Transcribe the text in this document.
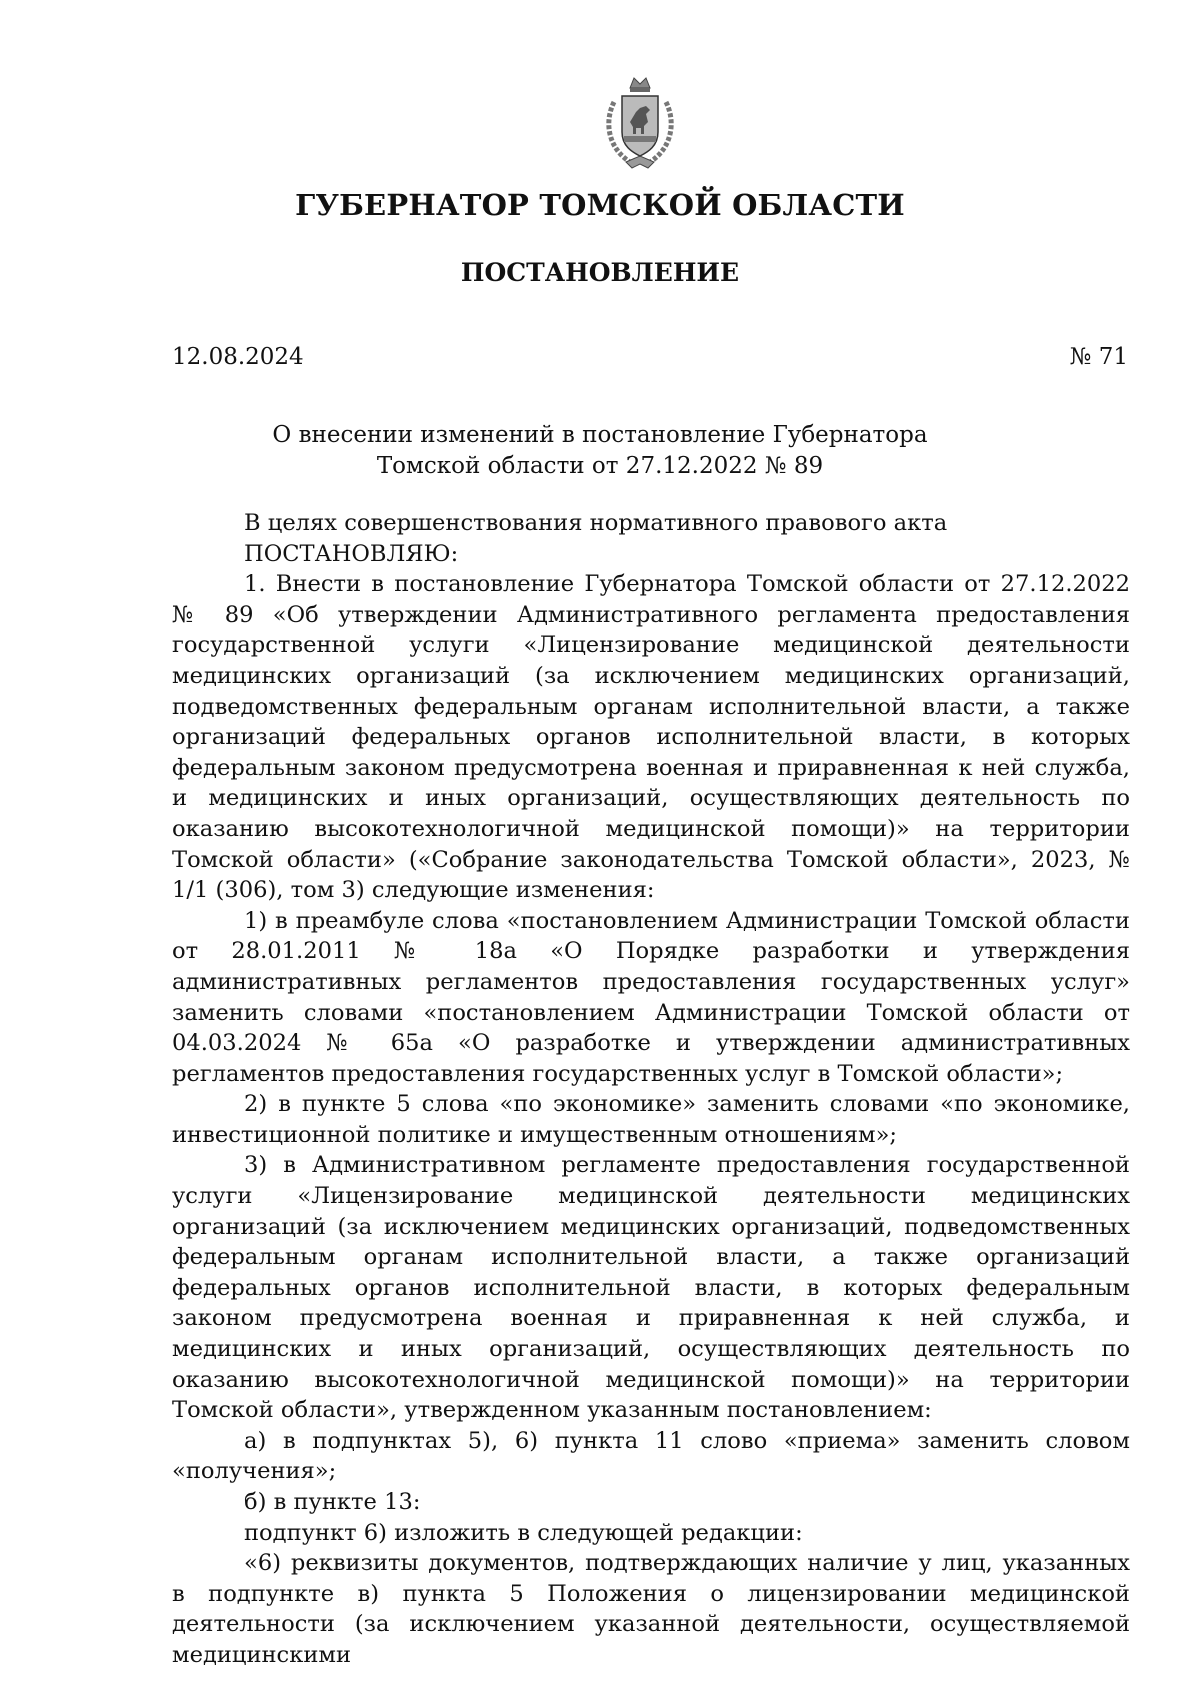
ГУБЕРНАТОР ТОМСКОЙ ОБЛАСТИ
ПОСТАНОВЛЕНИЕ
12.08.2024	№ 71
О внесении изменений в постановление Губернатора
Томской области от 27.12.2022 № 89

В целях совершенствования нормативного правового акта

ПОСТАНОВЛЯЮ:

1. Внести в постановление Губернатора Томской области от 27.12.2022 № 89 «Об утверждении Административного регламента предоставления государственной услуги «Лицензирование медицинской деятельности медицинских организаций (за исключением медицинских организаций, подведомственных федеральным органам исполнительной власти, а также организаций федеральных органов исполнительной власти, в которых федеральным законом предусмотрена военная и приравненная к ней служба, и медицинских и иных организаций, осуществляющих деятельность по оказанию высокотехнологичной медицинской помощи)» на территории Томской области» («Собрание законодательства Томской области», 2023, № 1/1 (306), том 3) следующие изменения:

1) в преамбуле слова «постановлением Администрации Томской области от 28.01.2011 № 18а «О Порядке разработки и утверждения административных регламентов предоставления государственных услуг» заменить словами «постановлением Администрации Томской области от 04.03.2024 № 65а «О разработке и утверждении административных регламентов предоставления государственных услуг в Томской области»;

2) в пункте 5 слова «по экономике» заменить словами «по экономике, инвестиционной политике и имущественным отношениям»;

3) в Административном регламенте предоставления государственной услуги «Лицензирование медицинской деятельности медицинских организаций (за исключением медицинских организаций, подведомственных федеральным органам исполнительной власти, а также организаций федеральных органов исполнительной власти, в которых федеральным законом предусмотрена военная и приравненная к ней служба, и медицинских и иных организаций, осуществляющих деятельность по оказанию высокотехнологичной медицинской помощи)» на территории Томской области», утвержденном указанным постановлением:

а) в подпунктах 5), 6) пункта 11 слово «приема» заменить словом «получения»;

б) в пункте 13:

подпункт 6) изложить в следующей редакции:

«6) реквизиты документов, подтверждающих наличие у лиц, указанных в подпункте в) пункта 5 Положения о лицензировании медицинской деятельности (за исключением указанной деятельности, осуществляемой медицинскими
